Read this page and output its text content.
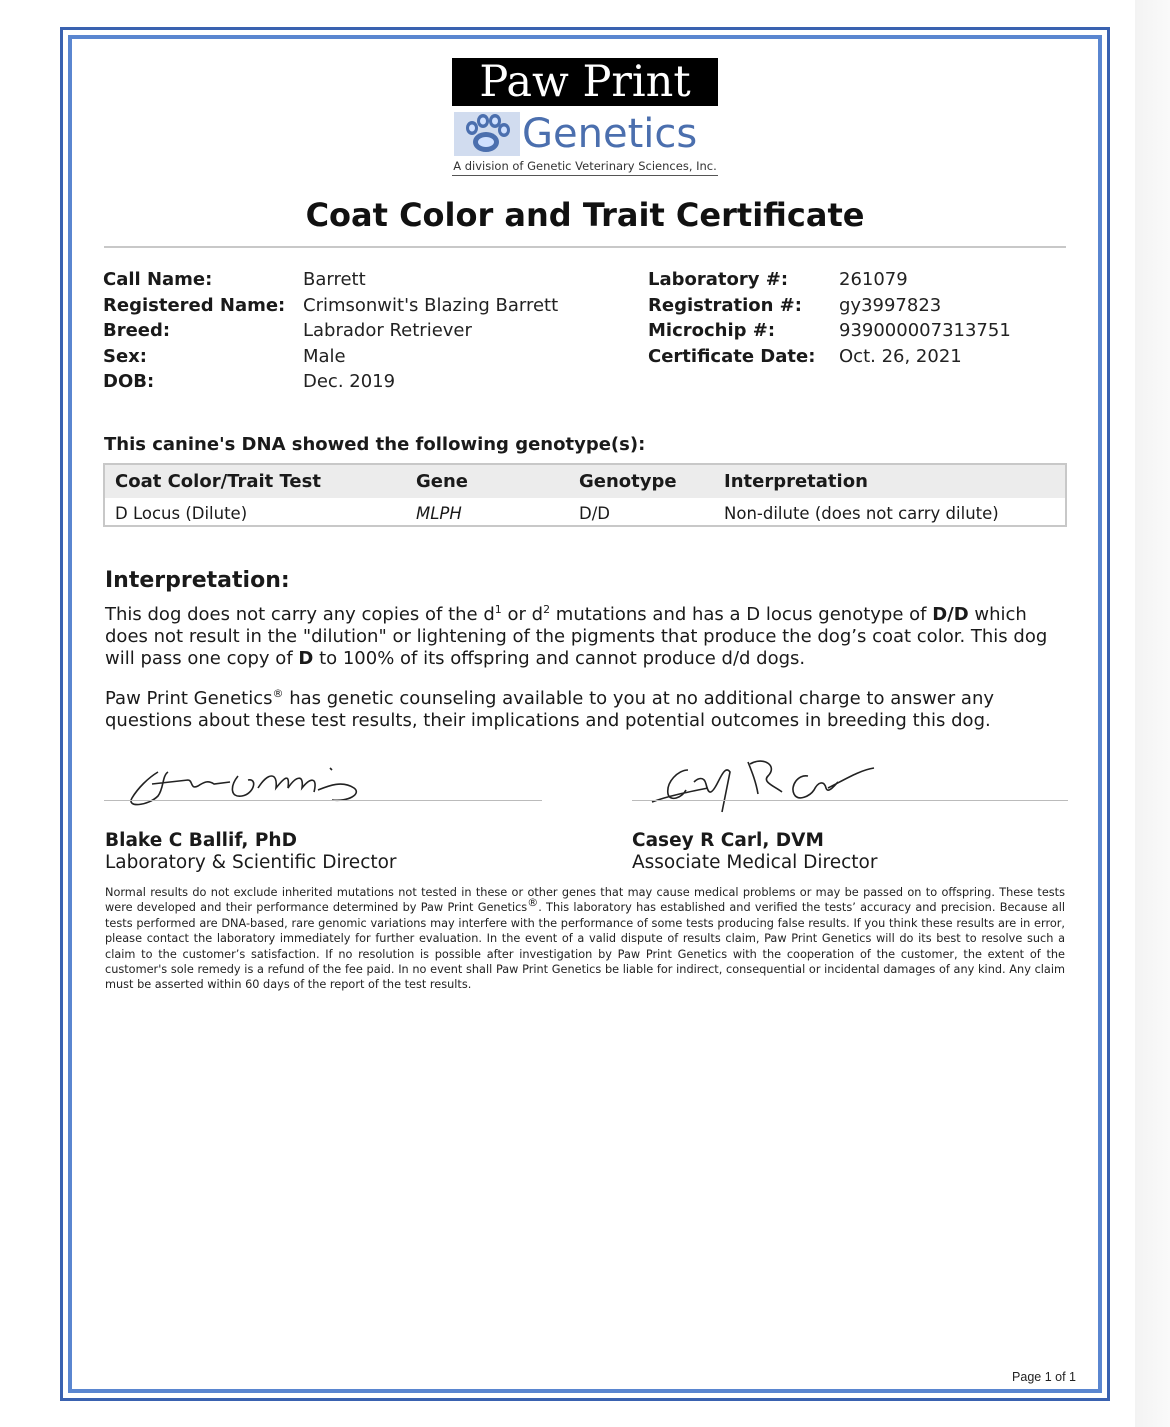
Paw Print
Genetics
A division of Genetic Veterinary Sciences, Inc.
Coat Color and Trait Certificate
Call Name:	Barrett
Registered Name: Crimsonwit's Blazing Barrett
Breed:	Labrador Retriever
Sex:	Male
DOB:	Dec. 2019
Laboratory #:	261079
Registration #: gy3997823
Microchip #:	939000007313751
Certificate Date: Oct. 26, 2021
This canine's DNA showed the following genotype(s):
Coat Color/Trait Test	Gene	Genotype	Interpretation
D Locus (Dilute)	MLPH	D/D	Non-dilute (does not carry dilute)
Interpretation:
This dog does not carry any copies of the $d^1$ or $d^2$ mutations and has a D locus genotype of D/D which does not result in the "dilution" or lightening of the pigments that produce the dog’s coat color. This dog will pass one copy of D to 100% of its offspring and cannot produce d/d dogs.
Paw Print Genetics® has genetic counseling available to you at no additional charge to answer any questions about these test results, their implications and potential outcomes in breeding this dog.
Blake C Ballif, PhD
Laboratory & Scientific Director
Casey R Carl, DVM
Associate Medical Director
Normal results do not exclude inherited mutations not tested in these or other genes that may cause medical problems or may be passed on to offspring. These tests were developed and their performance determined by Paw Print Genetics®. This laboratory has established and verified the tests’ accuracy and precision. Because all tests performed are DNA-based, rare genomic variations may interfere with the performance of some tests producing false results. If you think these results are in error, please contact the laboratory immediately for further evaluation. In the event of a valid dispute of results claim, Paw Print Genetics will do its best to resolve such a claim to the customer’s satisfaction. If no resolution is possible after investigation by Paw Print Genetics with the cooperation of the customer, the extent of the customer's sole remedy is a refund of the fee paid. In no event shall Paw Print Genetics be liable for indirect, consequential or incidental damages of any kind. Any claim must be asserted within 60 days of the report of the test results.
Page 1 of 1
